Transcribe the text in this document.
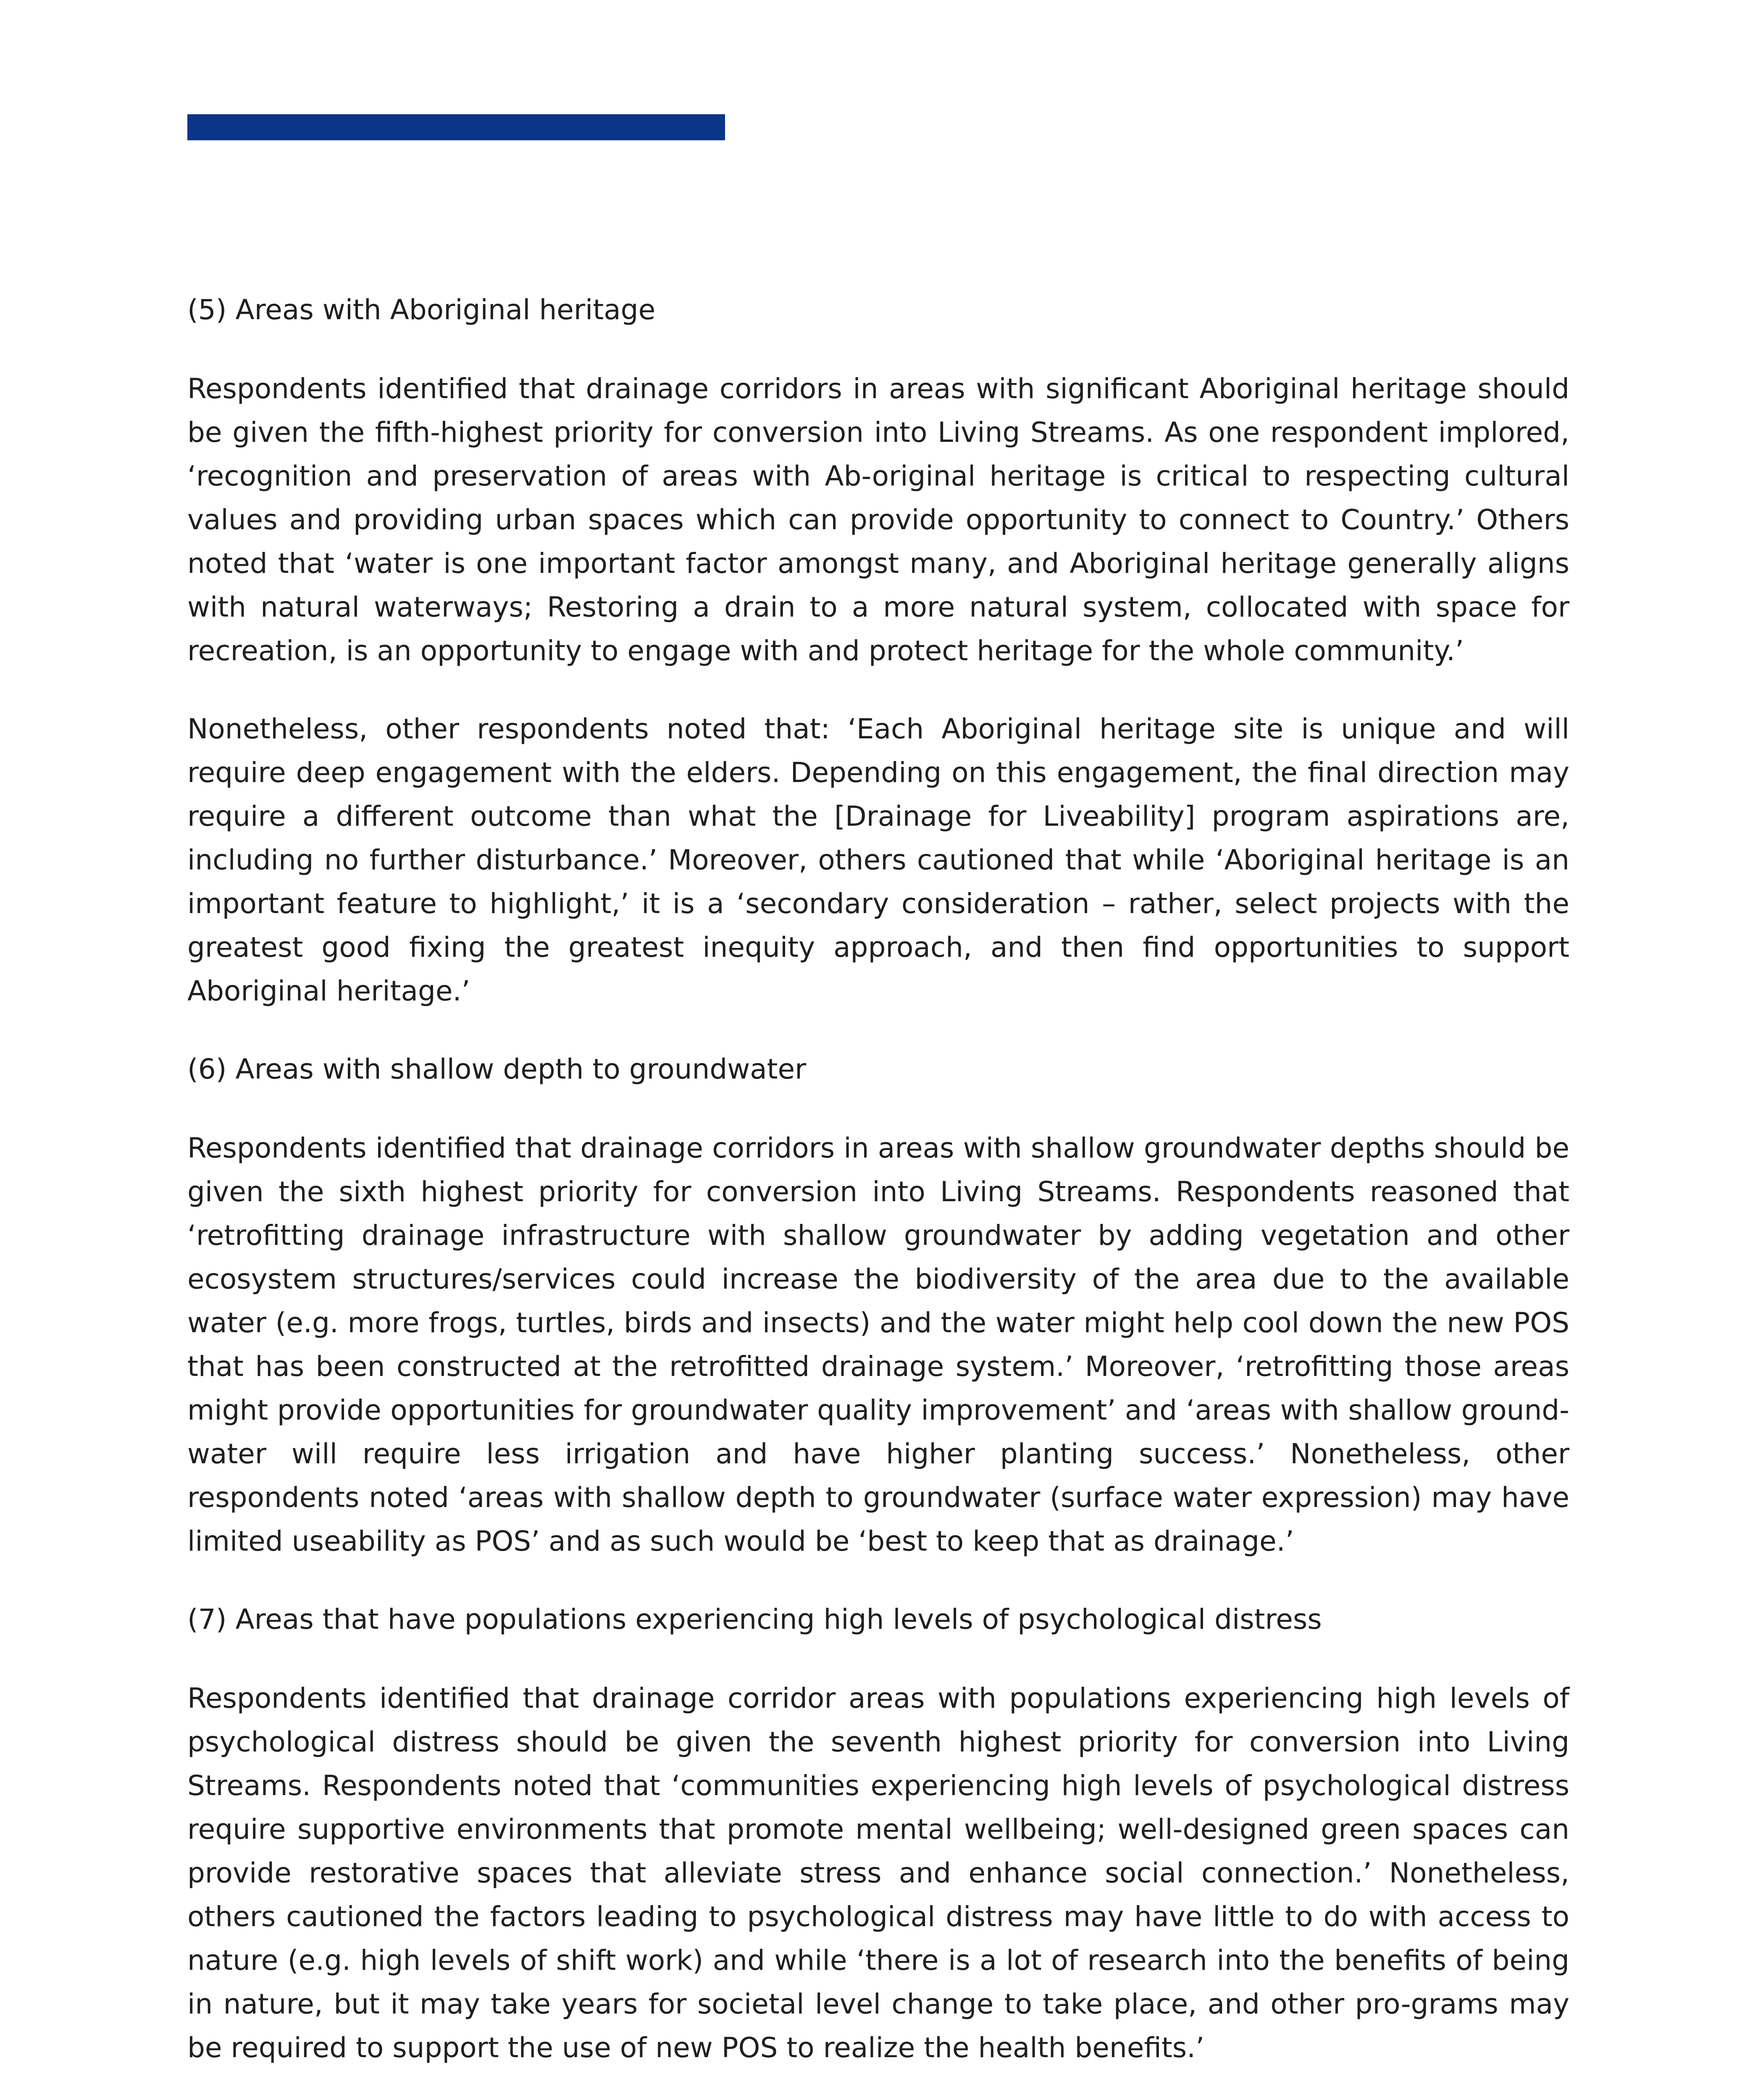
(5) Areas with Aboriginal heritage

Respondents identified that drainage corridors in areas with significant Aboriginal heritage should be given the fifth-highest priority for conversion into Living Streams. As one respondent implored, ‘recognition and preservation of areas with Ab-original heritage is critical to respecting cultural values and providing urban spaces which can provide opportunity to connect to Country.’ Others noted that ‘water is one important factor amongst many, and Aboriginal heritage generally aligns with natural waterways; Restoring a drain to a more natural system, collocated with space for recreation, is an opportunity to engage with and protect heritage for the whole community.’

Nonetheless, other respondents noted that: ‘Each Aboriginal heritage site is unique and will require deep engagement with the elders. Depending on this engagement, the final direction may require a different outcome than what the [Drainage for Liveability] program aspirations are, including no further disturbance.’ Moreover, others cautioned that while ‘Aboriginal heritage is an important feature to highlight,’ it is a ‘secondary consideration – rather, select projects with the greatest good fixing the greatest inequity approach, and then find opportunities to support Aboriginal heritage.’

(6) Areas with shallow depth to groundwater

Respondents identified that drainage corridors in areas with shallow groundwater depths should be given the sixth highest priority for conversion into Living Streams. Respondents reasoned that ‘retrofitting drainage infrastructure with shallow groundwater by adding vegetation and other ecosystem structures/services could increase the biodiversity of the area due to the available water (e.g. more frogs, turtles, birds and insects) and the water might help cool down the new POS that has been constructed at the retrofitted drainage system.’ Moreover, ‘retrofitting those areas might provide opportunities for groundwater quality improvement’ and ‘areas with shallow ground-water will require less irrigation and have higher planting success.’ Nonetheless, other respondents noted ‘areas with shallow depth to groundwater (surface water expression) may have limited useability as POS’ and as such would be ‘best to keep that as drainage.’

(7) Areas that have populations experiencing high levels of psychological distress

Respondents identified that drainage corridor areas with populations experiencing high levels of psychological distress should be given the seventh highest priority for conversion into Living Streams. Respondents noted that ‘communities experiencing high levels of psychological distress require supportive environments that promote mental wellbeing; well-designed green spaces can provide restorative spaces that alleviate stress and enhance social connection.’ Nonetheless, others cautioned the factors leading to psychological distress may have little to do with access to nature (e.g. high levels of shift work) and while ‘there is a lot of research into the benefits of being in nature, but it may take years for societal level change to take place, and other pro-grams may be required to support the use of new POS to realize the health benefits.’
